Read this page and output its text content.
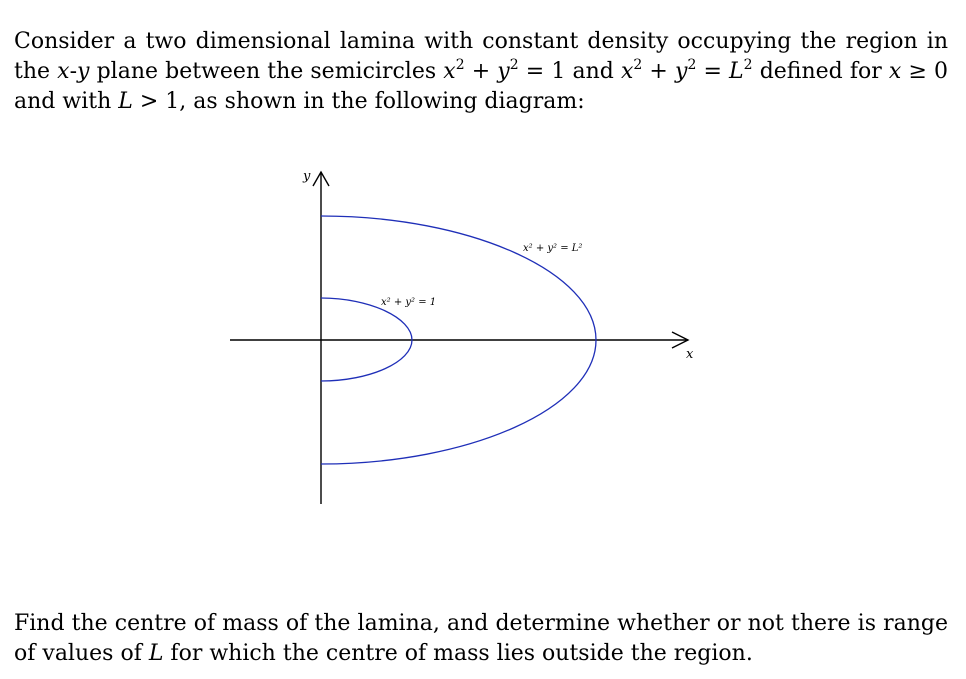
Consider a two dimensional lamina with constant density occupying the region in the x-y plane between the semicircles $x^2 + y^2 = 1$ and $x^2 + y^2 = L^2$ defined for x ≥ 0 and with L > 1, as shown in the following diagram:

x
y
x² + y² = 1
x² + y² = L²

Find the centre of mass of the lamina, and determine whether or not there is range of values of L for which the centre of mass lies outside the region.
